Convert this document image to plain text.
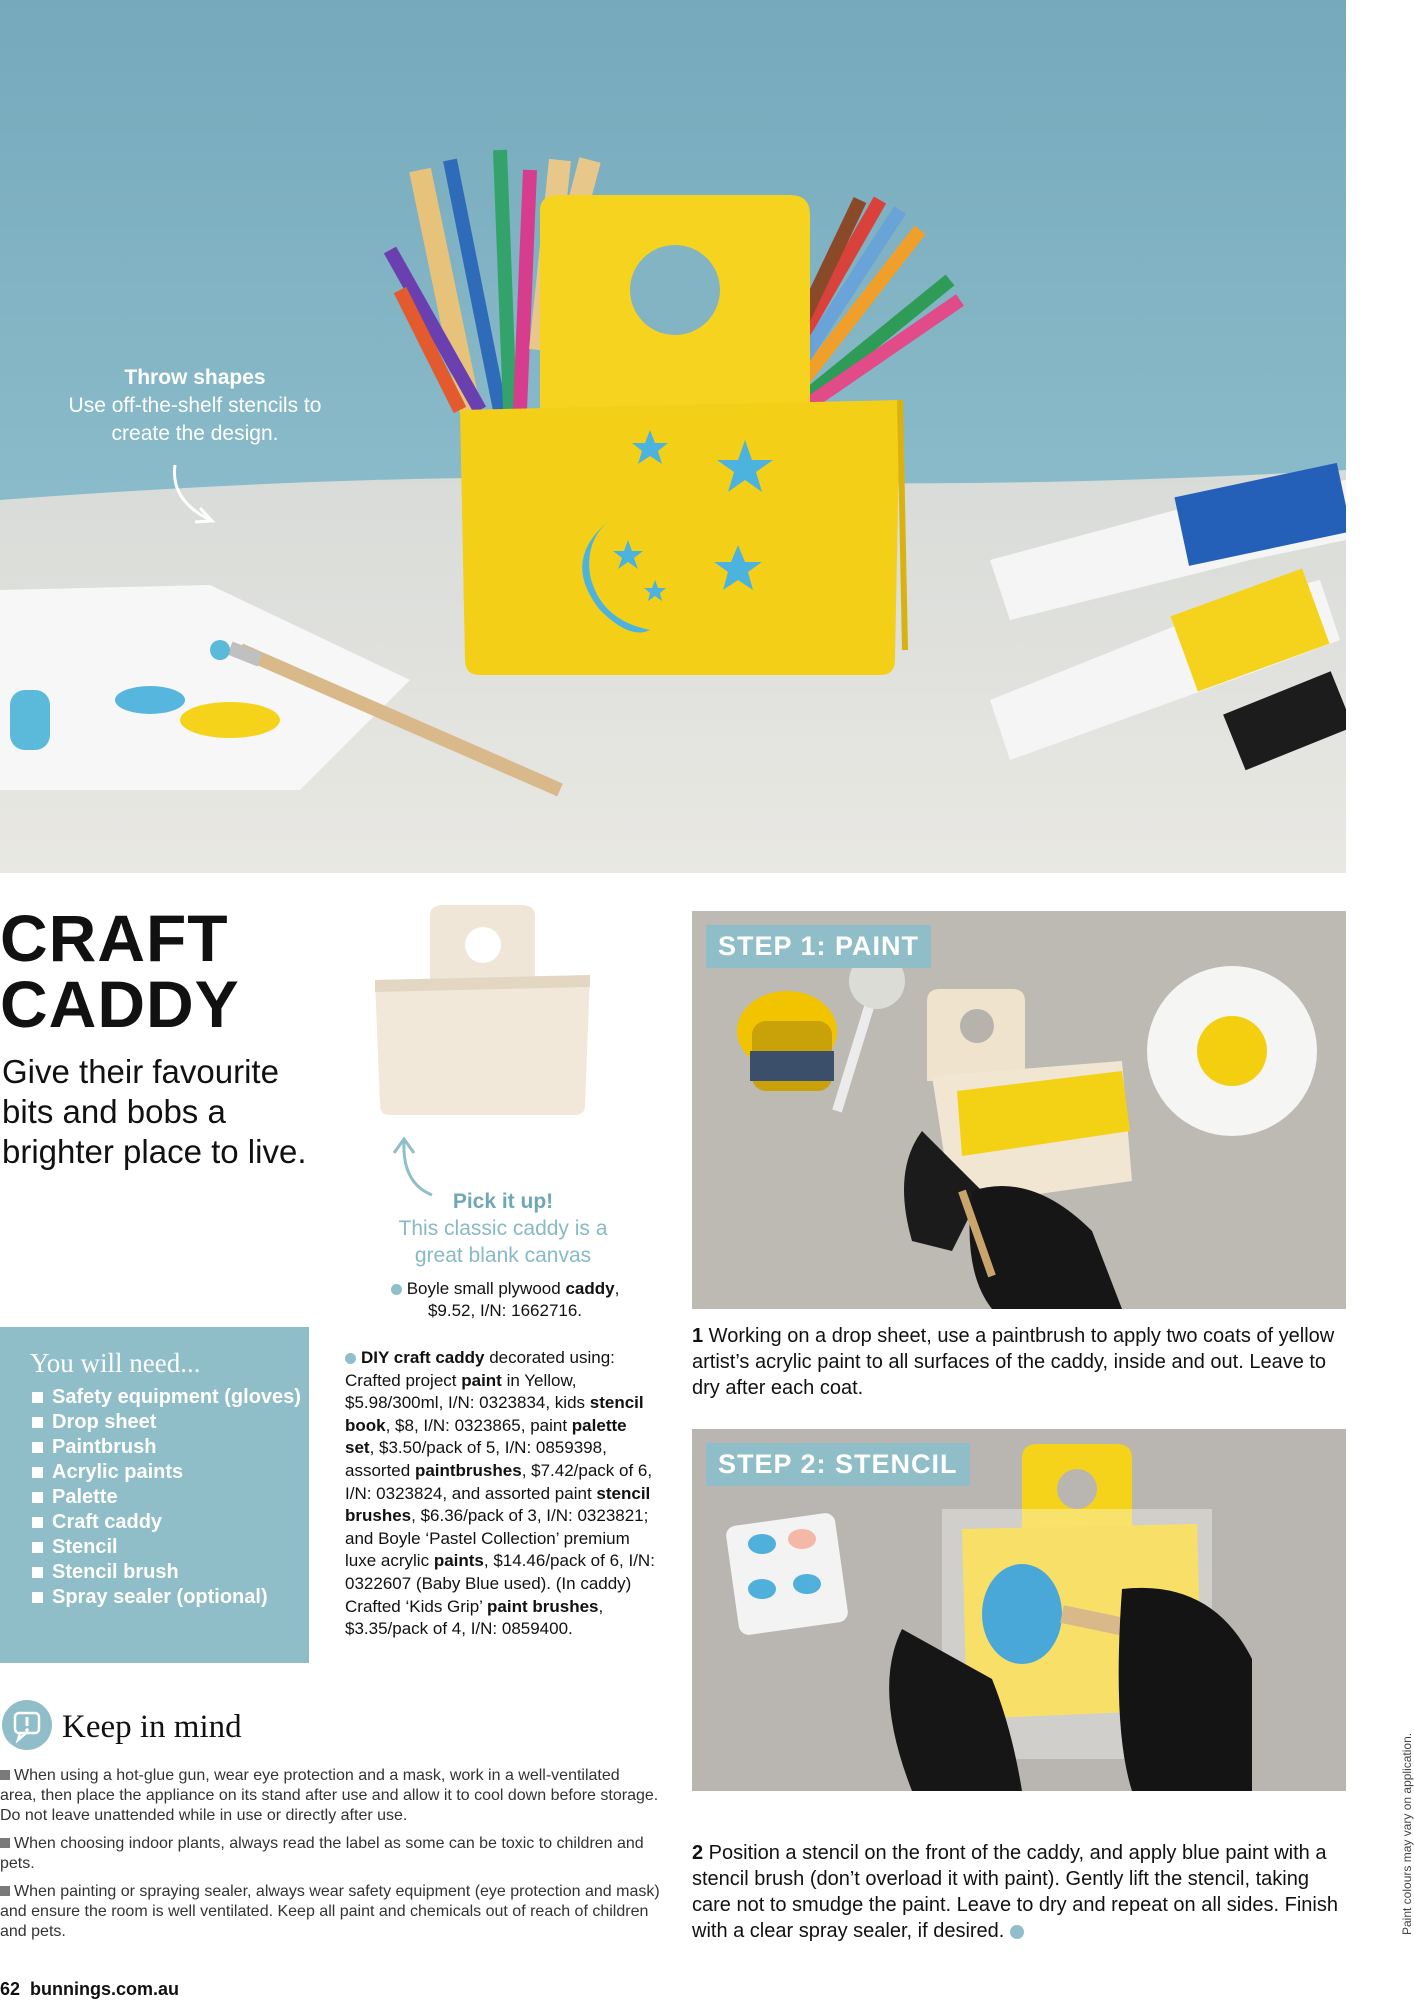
Throw shapes
Use off-the-shelf stencils to create the design.
CRAFT
CADDY
Give their favourite bits and bobs a brighter place to live.
Pick it up!
This classic caddy is a great blank canvas
Boyle small plywood caddy, $9.52, I/N: 1662716.
You will need...
Safety equipment (gloves)
Drop sheet
Paintbrush
Acrylic paints
Palette
Craft caddy
Stencil
Stencil brush
Spray sealer (optional)
DIY craft caddy decorated using: Crafted project paint in Yellow, $5.98/300ml, I/N: 0323834, kids stencil book, $8, I/N: 0323865, paint palette set, $3.50/pack of 5, I/N: 0859398, assorted paintbrushes, $7.42/pack of 6, I/N: 0323824, and assorted paint stencil brushes, $6.36/pack of 3, I/N: 0323821; and Boyle ‘Pastel Collection’ premium luxe acrylic paints, $14.46/pack of 6, I/N: 0322607 (Baby Blue used). (In caddy) Crafted ‘Kids Grip’ paint brushes, $3.35/pack of 4, I/N: 0859400.
Keep in mind

When using a hot-glue gun, wear eye protection and a mask, work in a well-ventilated area, then place the appliance on its stand after use and allow it to cool down before storage. Do not leave unattended while in use or directly after use.

When choosing indoor plants, always read the label as some can be toxic to children and pets.

When painting or spraying sealer, always wear safety equipment (eye protection and mask) and ensure the room is well ventilated. Keep all paint and chemicals out of reach of children and pets.

STEP 1: PAINT
1 Working on a drop sheet, use a paintbrush to apply two coats of yellow artist’s acrylic paint to all surfaces of the caddy, inside and out. Leave to dry after each coat.
STEP 2: STENCIL
2 Position a stencil on the front of the caddy, and apply blue paint with a stencil brush (don’t overload it with paint). Gently lift the stencil, taking care not to smudge the paint. Leave to dry and repeat on all sides. Finish with a clear spray sealer, if desired.
62 bunnings.com.au
Paint colours may vary on application.
